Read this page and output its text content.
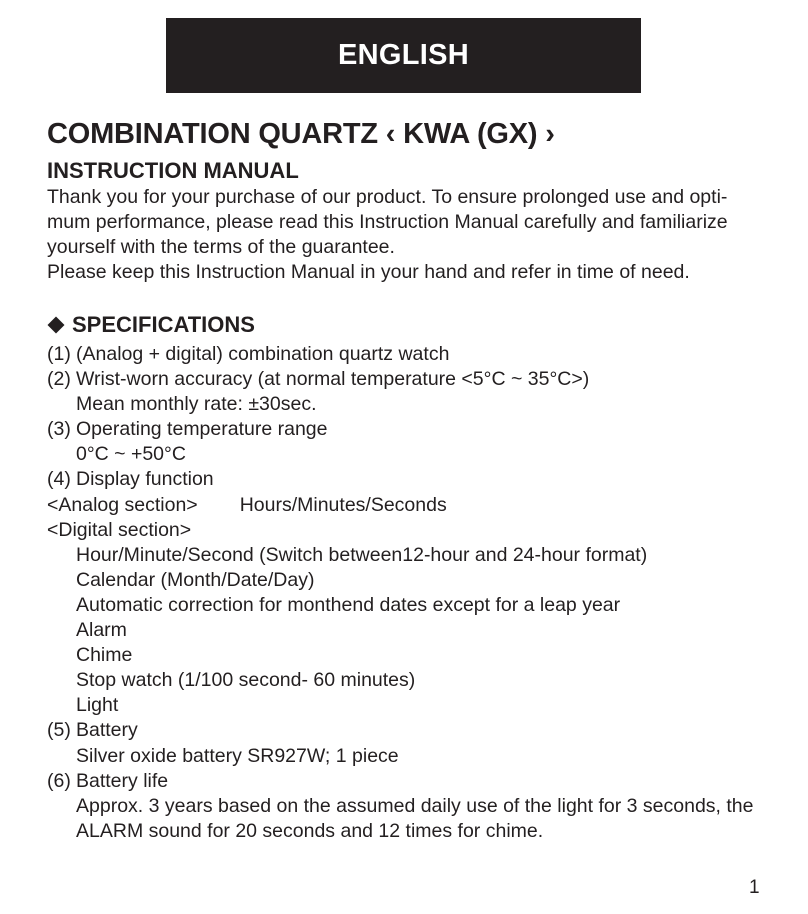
ENGLISH
COMBINATION QUARTZ ‹ KWA (GX) ›
INSTRUCTION MANUAL

Thank you for your purchase of our product. To ensure prolonged use and opti-

mum performance, please read this Instruction Manual carefully and familiarize

yourself with the terms of the guarantee.

Please keep this Instruction Manual in your hand and refer in time of need.

SPECIFICATIONS
(1) (Analog + digital) combination quartz watch
(2) Wrist-worn accuracy (at normal temperature <5°C ~ 35°C>)
Mean monthly rate: ±30sec.
(3) Operating temperature range
0°C ~ +50°C
(4) Display function
<Analog section> Hours/Minutes/Seconds
<Digital section>
Hour/Minute/Second (Switch between12-hour and 24-hour format)
Calendar (Month/Date/Day)
Automatic correction for monthend dates except for a leap year
Alarm
Chime
Stop watch (1/100 second- 60 minutes)
Light
(5) Battery
Silver oxide battery SR927W; 1 piece
(6) Battery life
Approx. 3 years based on the assumed daily use of the light for 3 seconds, the
ALARM sound for 20 seconds and 12 times for chime.
1
